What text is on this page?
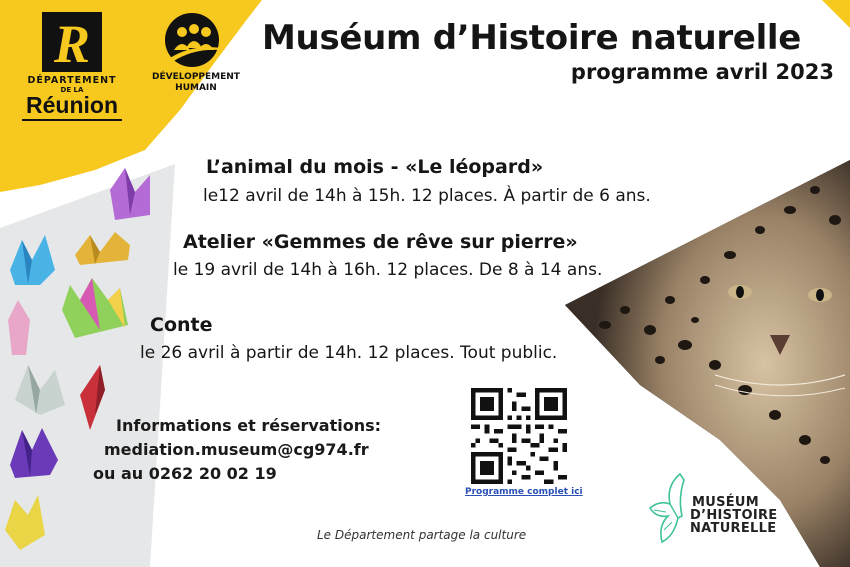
R
DÉPARTEMENT
DE LA
Réunion
DÉVELOPPEMENT
HUMAIN
Muséum d’Histoire naturelle
programme avril 2023
L’animal du mois - «Le léopard»
le12 avril de 14h à 15h. 12 places. À partir de 6 ans.
Atelier «Gemmes de rêve sur pierre»
le 19 avril de 14h à 16h. 12 places. De 8 à 14 ans.
Conte
le 26 avril à partir de 14h. 12 places. Tout public.
Informations et réservations:
mediation.museum@cg974.fr
ou au 0262 20 02 19
Programme complet ici
Le Département partage la culture
MUSÉUM
D’HISTOIRE
NATURELLE
